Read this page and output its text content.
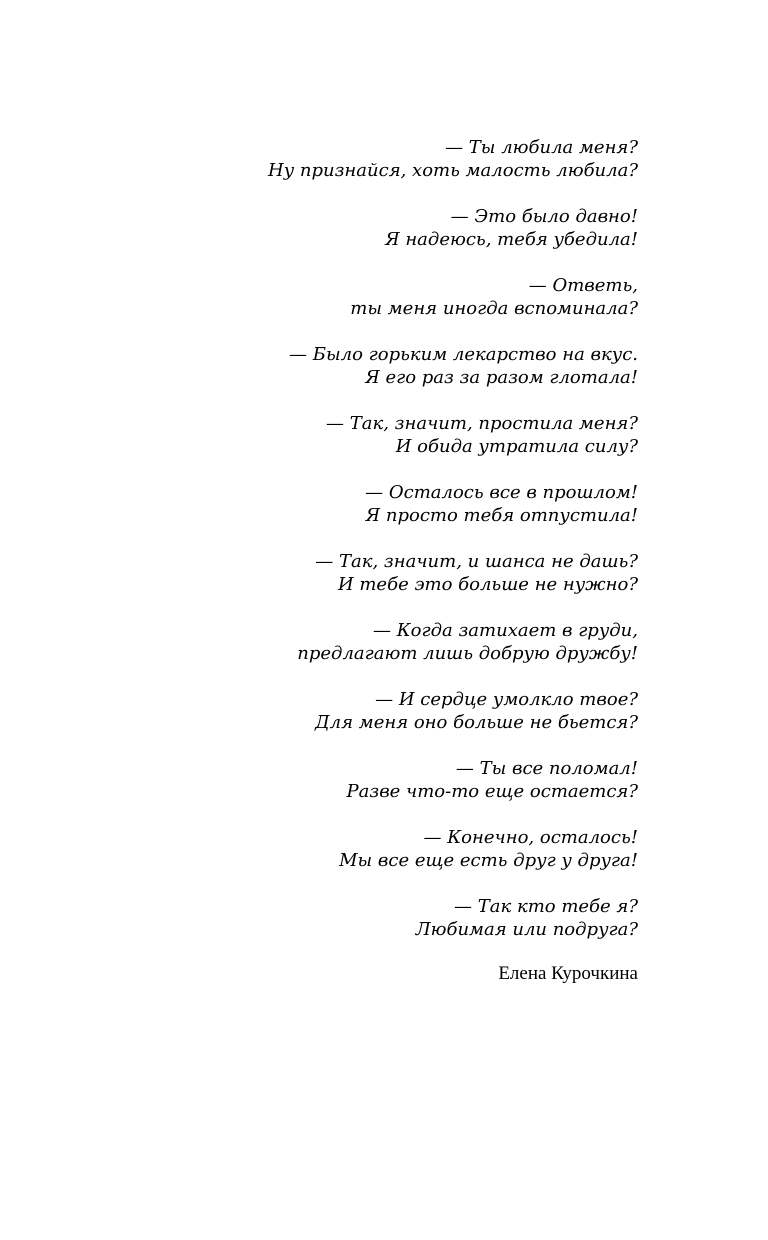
— Ты любила меня?
Ну признайся, хоть малость любила?
— Это было давно!
Я надеюсь, тебя убедила!
— Ответь,
ты меня иногда вспоминала?
— Было горьким лекарство на вкус.
Я его раз за разом глотала!
— Так, значит, простила меня?
И обида утратила силу?
— Осталось все в прошлом!
Я просто тебя отпустила!
— Так, значит, и шанса не дашь?
И тебе это больше не нужно?
— Когда затихает в груди,
предлагают лишь добрую дружбу!
— И сердце умолкло твое?
Для меня оно больше не бьется?
— Ты все поломал!
Разве что-то еще остается?
— Конечно, осталось!
Мы все еще есть друг у друга!
— Так кто тебе я?
Любимая или подруга?
Елена Курочкина
